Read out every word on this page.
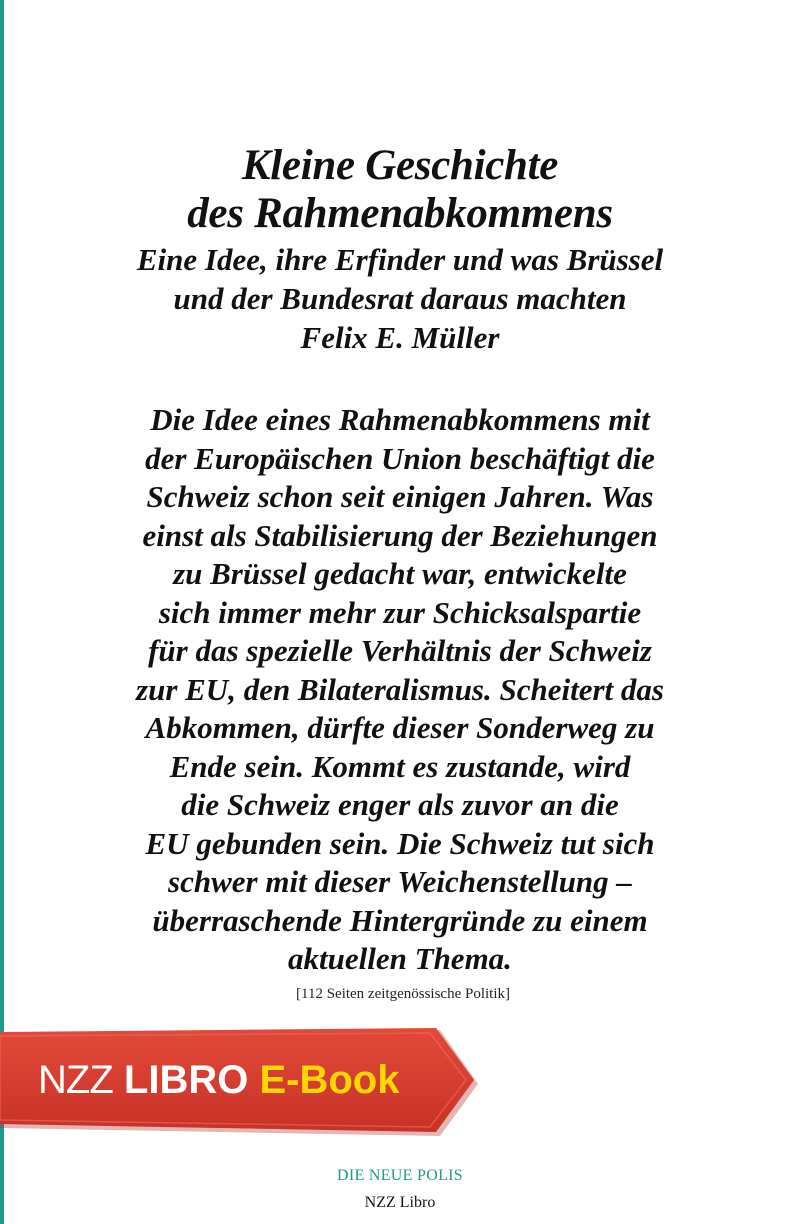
Kleine Geschichte
des Rahmenabkommens
Eine Idee, ihre Erfinder und was Brüssel
und der Bundesrat daraus machten
Felix E. Müller
Die Idee eines Rahmenabkommens mit
der Europäischen Union beschäftigt die
Schweiz schon seit einigen Jahren. Was
einst als Stabilisierung der Beziehungen
zu Brüssel gedacht war, entwickelte
sich immer mehr zur Schicksalspartie
für das spezielle Verhältnis der Schweiz
zur EU, den Bilateralismus. Scheitert das
Abkommen, dürfte dieser Sonderweg zu
Ende sein. Kommt es zustande, wird
die Schweiz enger als zuvor an die
EU gebunden sein. Die Schweiz tut sich
schwer mit dieser Weichenstellung –
überraschende Hintergründe zu einem
aktuellen Thema.
[112 Seiten zeitgenössische Politik]
NZZ LIBRO E-Book
DIE NEUE POLIS
NZZ Libro
